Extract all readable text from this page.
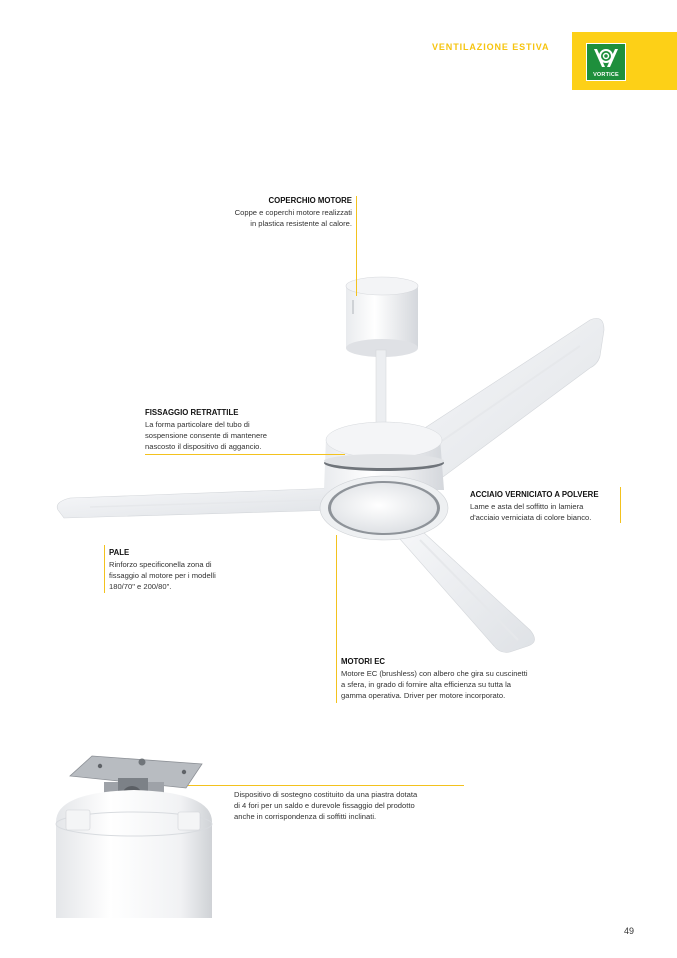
VENTILAZIONE ESTIVA
VORTICE
COPERCHIO MOTORE

Coppe e coperchi motore realizzati

in plastica resistente al calore.

FISSAGGIO RETRATTILE

La forma particolare del tubo di

sospensione consente di mantenere

nascosto il dispositivo di aggancio.

ACCIAIO VERNICIATO A POLVERE

Lame e asta del soffitto in lamiera

d'acciaio verniciata di colore bianco.

PALE

Rinforzo specificonella zona di

fissaggio al motore per i modelli

180/70" e 200/80".

MOTORI EC

Motore EC (brushless) con albero che gira su cuscinetti

a sfera, in grado di fornire alta efficienza su tutta la

gamma operativa. Driver per motore incorporato.

Dispositivo di sostegno costituito da una piastra dotata

di 4 fori per un saldo e durevole fissaggio del prodotto

anche in corrispondenza di soffitti inclinati.

49
